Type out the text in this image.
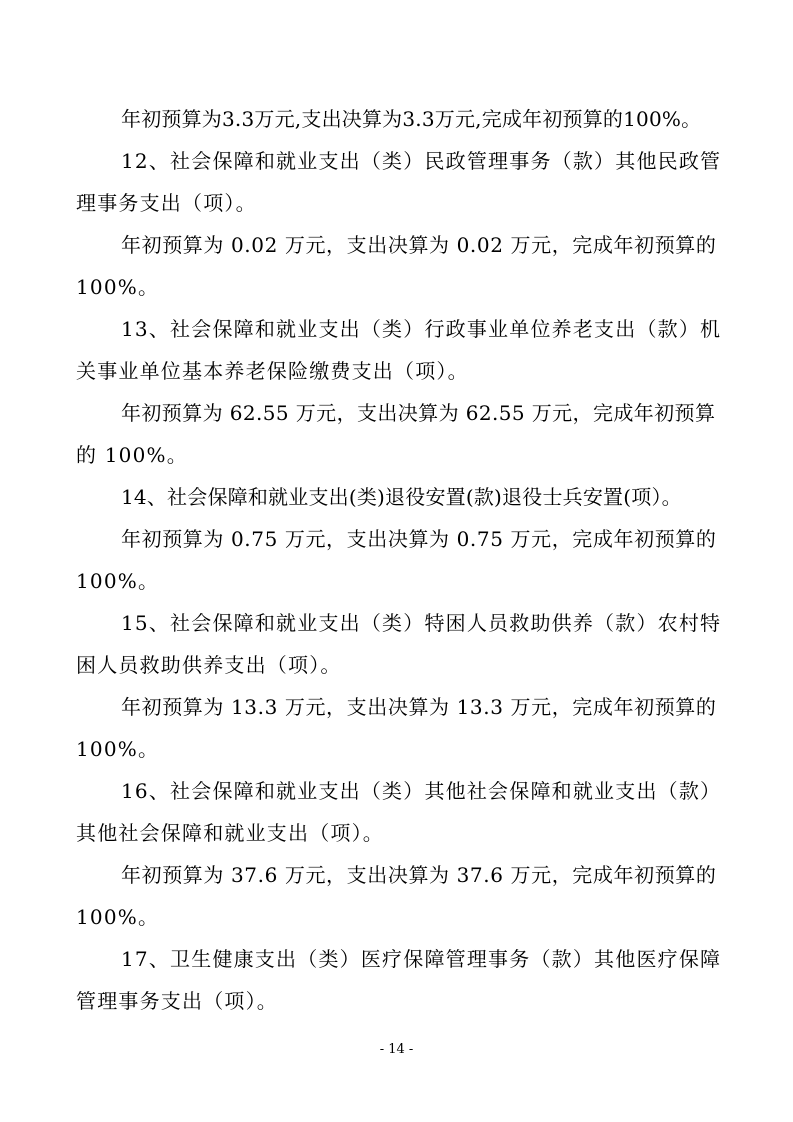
年初预算为3.3万元,支出决算为3.3万元,完成年初预算的100%。
12、社会保障和就业支出（类）民政管理事务（款）其他民政管
理事务支出（项）。
年初预算为 0.02 万元，支出决算为 0.02 万元，完成年初预算的
100%。
13、社会保障和就业支出（类）行政事业单位养老支出（款）机
关事业单位基本养老保险缴费支出（项）。
年初预算为 62.55 万元，支出决算为 62.55 万元，完成年初预算
的 100%。
14、社会保障和就业支出(类)退役安置(款)退役士兵安置(项）。
年初预算为 0.75 万元，支出决算为 0.75 万元，完成年初预算的
100%。
15、社会保障和就业支出（类）特困人员救助供养（款）农村特
困人员救助供养支出（项）。
年初预算为 13.3 万元，支出决算为 13.3 万元，完成年初预算的
100%。
16、社会保障和就业支出（类）其他社会保障和就业支出（款）
其他社会保障和就业支出（项）。
年初预算为 37.6 万元，支出决算为 37.6 万元，完成年初预算的
100%。
17、卫生健康支出（类）医疗保障管理事务（款）其他医疗保障
管理事务支出（项）。
- 14 -
